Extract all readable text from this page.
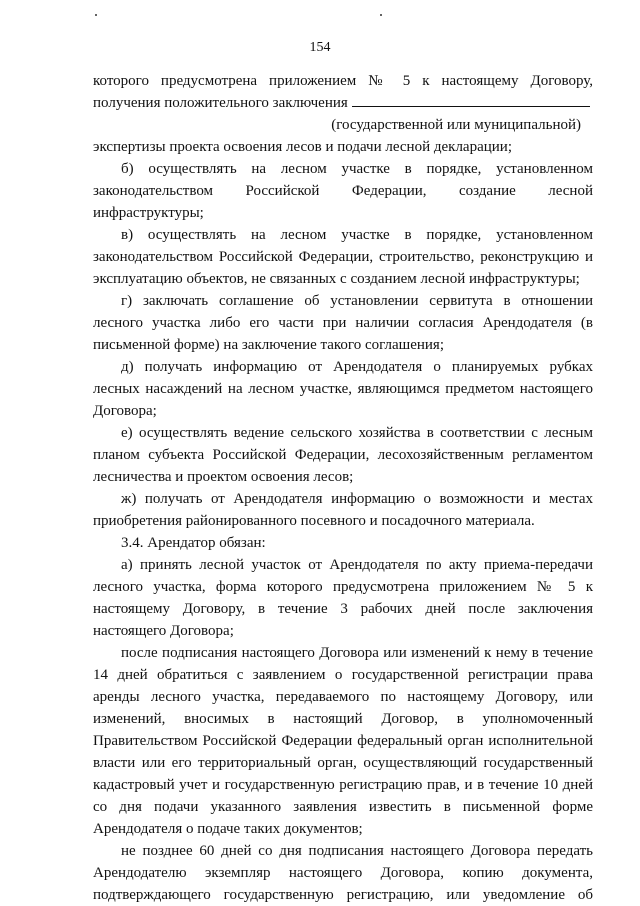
154
которого предусмотрена приложением № 5 к настоящему Договору,
получения положительного заключения
(государственной или муниципальной)
экспертизы проекта освоения лесов и подачи лесной декларации;
б) осуществлять на лесном участке в порядке, установленном
законодательством Российской Федерации, создание лесной
инфраструктуры;
в) осуществлять на лесном участке в порядке, установленном
законодательством Российской Федерации, строительство, реконструкцию и
эксплуатацию объектов, не связанных с созданием лесной инфраструктуры;
г) заключать соглашение об установлении сервитута в отношении
лесного участка либо его части при наличии согласия Арендодателя (в
письменной форме) на заключение такого соглашения;
д) получать информацию от Арендодателя о планируемых рубках
лесных насаждений на лесном участке, являющимся предметом настоящего
Договора;
е) осуществлять ведение сельского хозяйства в соответствии с лесным
планом субъекта Российской Федерации, лесохозяйственным регламентом
лесничества и проектом освоения лесов;
ж) получать от Арендодателя информацию о возможности и местах
приобретения районированного посевного и посадочного материала.
3.4. Арендатор обязан:
а) принять лесной участок от Арендодателя по акту приема-передачи
лесного участка, форма которого предусмотрена приложением № 5 к
настоящему Договору, в течение 3 рабочих дней после заключения
настоящего Договора;
после подписания настоящего Договора или изменений к нему в течение
14 дней обратиться с заявлением о государственной регистрации права
аренды лесного участка, передаваемого по настоящему Договору, или
изменений, вносимых в настоящий Договор, в уполномоченный
Правительством Российской Федерации федеральный орган исполнительной
власти или его территориальный орган, осуществляющий государственный
кадастровый учет и государственную регистрацию прав, и в течение 10 дней
со дня подачи указанного заявления известить в письменной форме
Арендодателя о подаче таких документов;
не позднее 60 дней со дня подписания настоящего Договора передать
Арендодателю экземпляр настоящего Договора, копию документа,
подтверждающего государственную регистрацию, или уведомление об
